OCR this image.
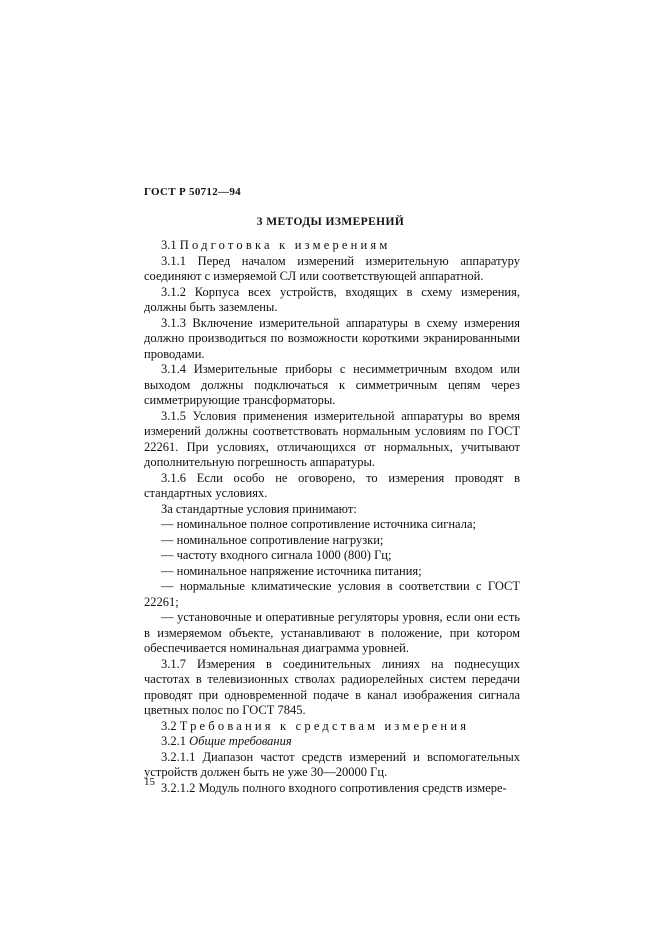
ГОСТ Р 50712—94
3 МЕТОДЫ ИЗМЕРЕНИЙ

3.1 Подготовка к измерениям

3.1.1 Перед началом измерений измерительную аппаратуру соединяют с измеряемой СЛ или соответствующей аппаратной.

3.1.2 Корпуса всех устройств, входящих в схему измерения, должны быть заземлены.

3.1.3 Включение измерительной аппаратуры в схему измерения должно производиться по возможности короткими экранированными проводами.

3.1.4 Измерительные приборы с несимметричным входом или выходом должны подключаться к симметричным цепям через симметрирующие трансформаторы.

3.1.5 Условия применения измерительной аппаратуры во время измерений должны соответствовать нормальным условиям по ГОСТ 22261. При условиях, отличающихся от нормальных, учитывают дополнительную погрешность аппаратуры.

3.1.6 Если особо не оговорено, то измерения проводят в стандартных условиях.

За стандартные условия принимают:

— номинальное полное сопротивление источника сигнала;

— номинальное сопротивление нагрузки;

— частоту входного сигнала 1000 (800) Гц;

— номинальное напряжение источника питания;

— нормальные климатические условия в соответствии с ГОСТ 22261;

— установочные и оперативные регуляторы уровня, если они есть в измеряемом объекте, устанавливают в положение, при котором обеспечивается номинальная диаграмма уровней.

3.1.7 Измерения в соединительных линиях на поднесущих частотах в телевизионных стволах радиорелейных систем передачи проводят при одновременной подаче в канал изображения сигнала цветных полос по ГОСТ 7845.

3.2 Требования к средствам измерения

3.2.1 Общие требования

3.2.1.1 Диапазон частот средств измерений и вспомогательных устройств должен быть не уже 30—20000 Гц.

3.2.1.2 Модуль полного входного сопротивления средств измере-

15
